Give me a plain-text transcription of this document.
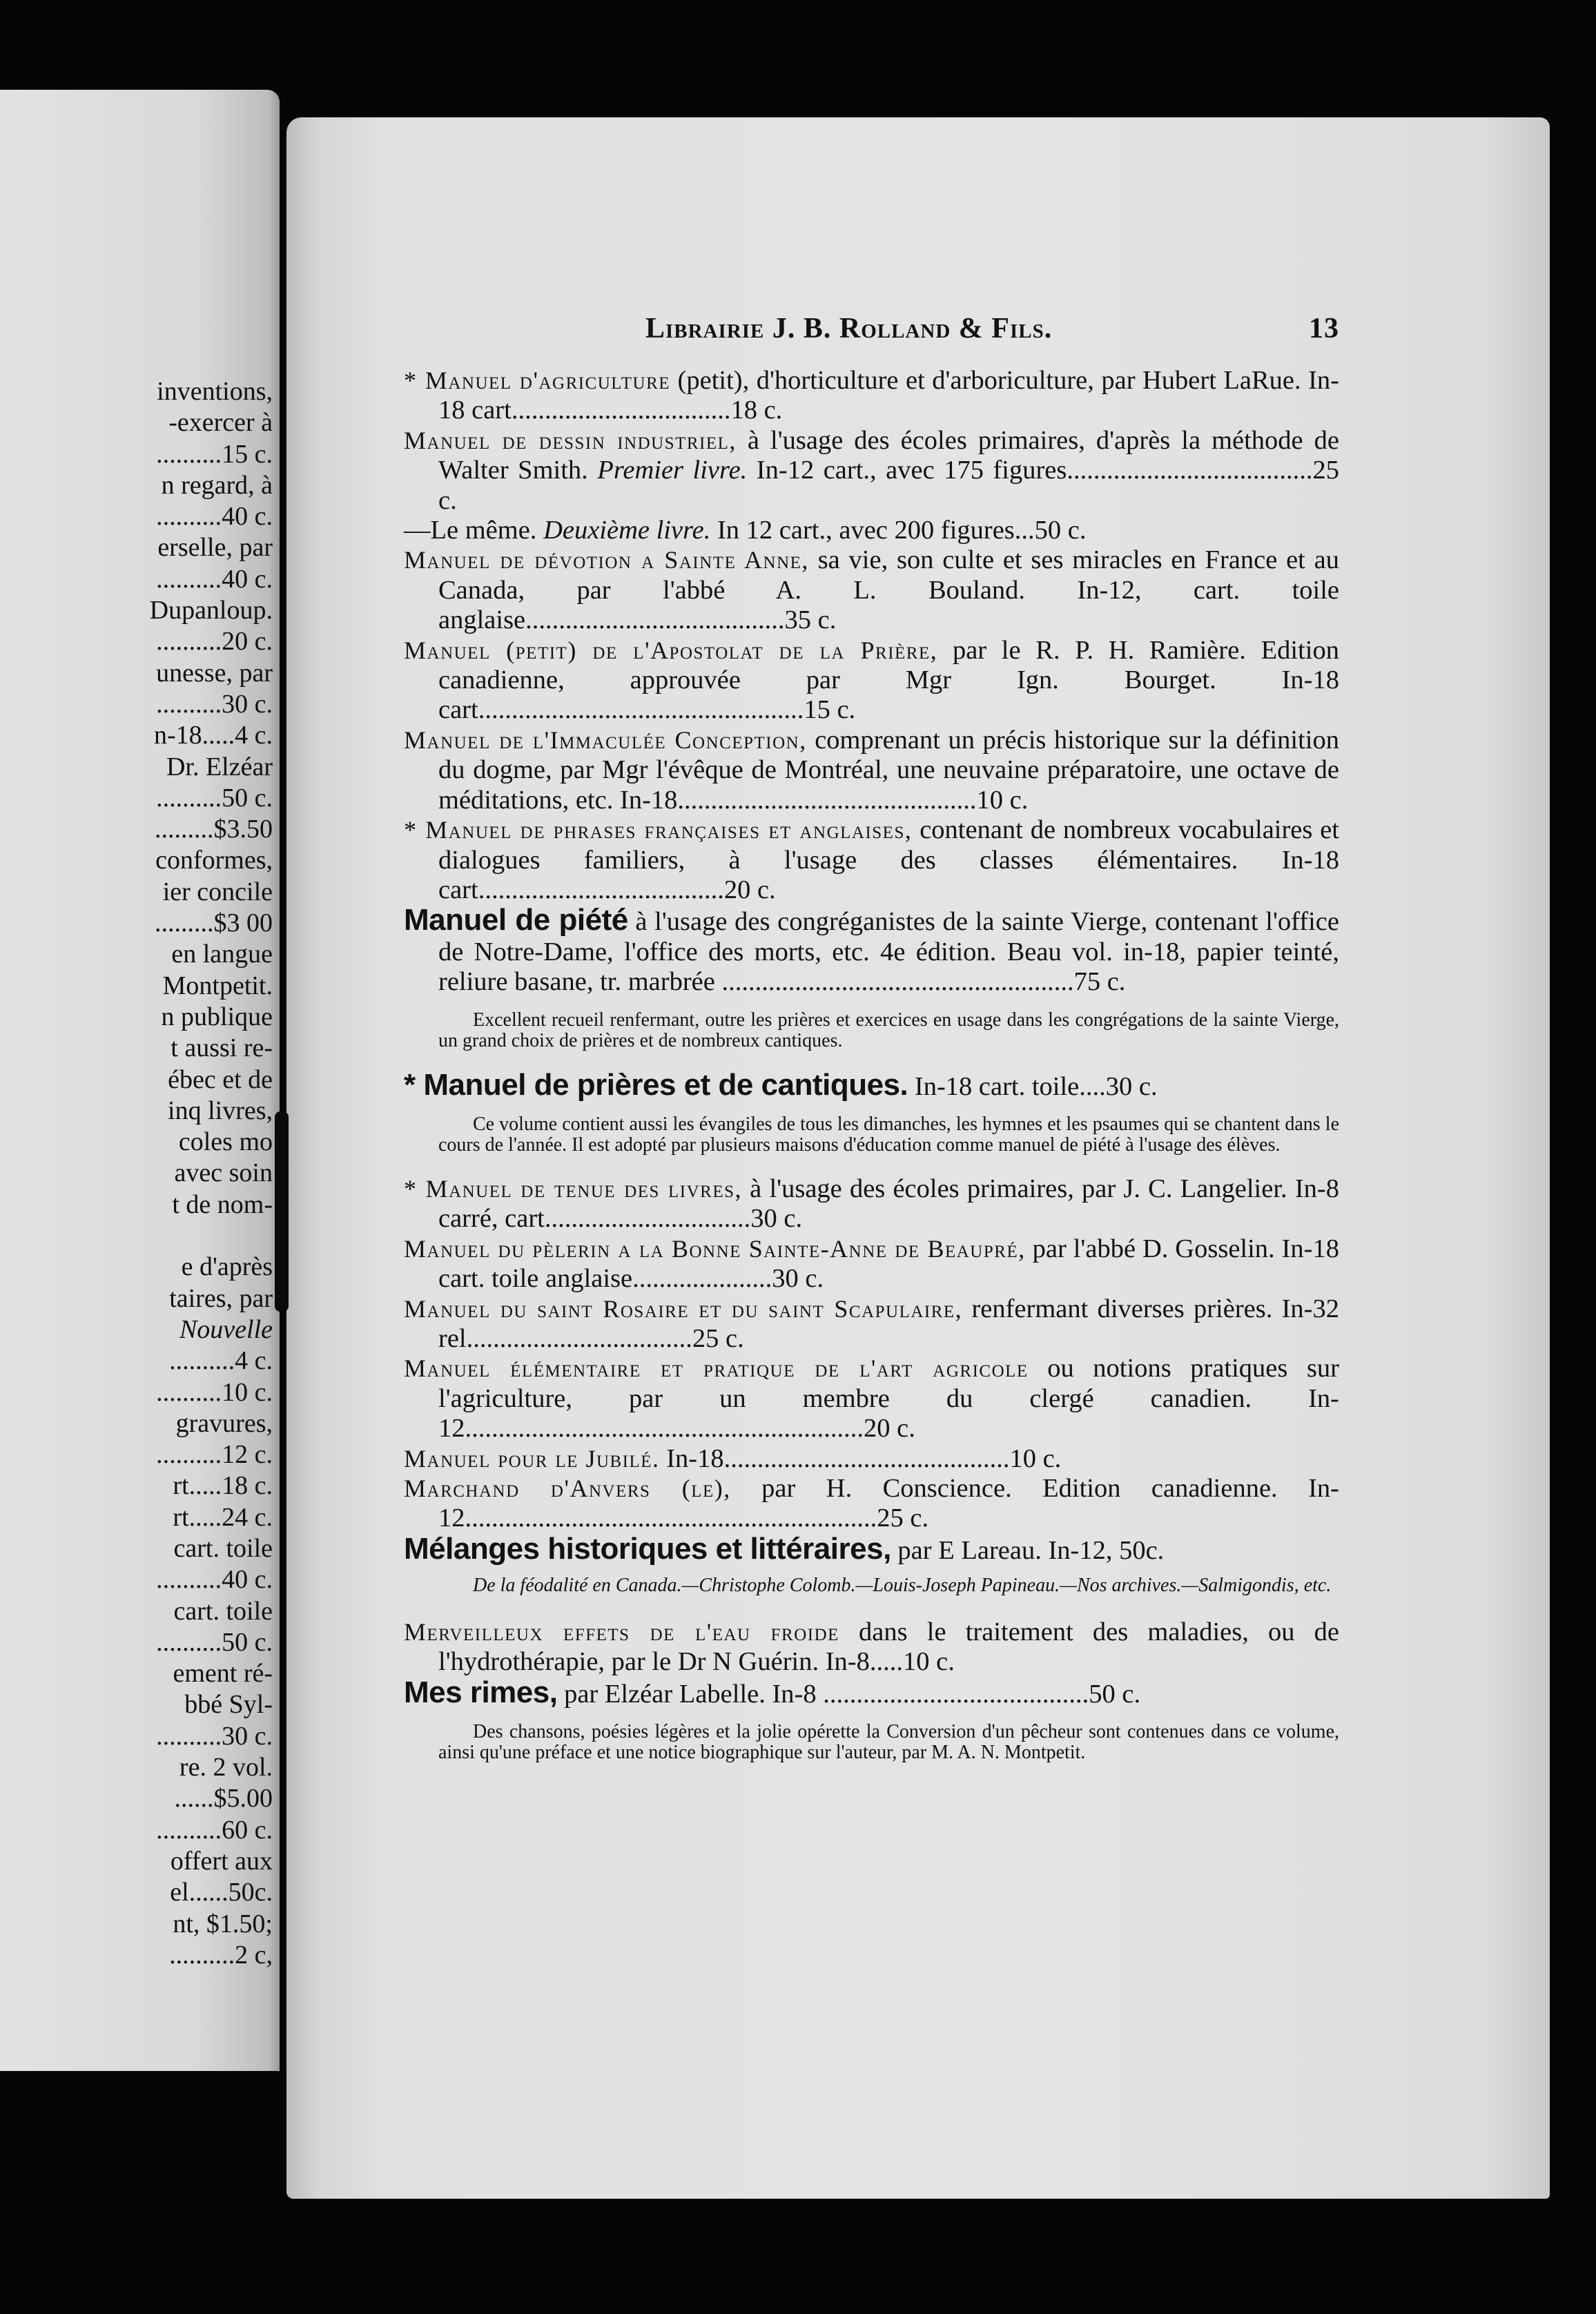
inventions,
-exercer à
..........15 c.
n regard, à
..........40 c.
erselle, par
..........40 c.
Dupanloup.
..........20 c.
unesse, par
..........30 c.
n-18.....4 c.
Dr. Elzéar
..........50 c.
.........$3.50
conformes,
ier concile
.........$3 00
en langue
Montpetit.
n publique
t aussi re-
ébec et de
inq livres,
coles mo
avec soin
t de nom-

e d'après
taires, par
Nouvelle
..........4 c.
..........10 c.
gravures,
..........12 c.
rt.....18 c.
rt.....24 c.
cart. toile
..........40 c.
cart. toile
..........50 c.
ement ré-
bbé Syl-
..........30 c.
re. 2 vol.
......$5.00
..........60 c.
offert aux
el......50c.
nt, $1.50;
..........2 c,
Librairie J. B. Rolland & Fils.	13

* Manuel d'agriculture (petit), d'horticulture et d'arboriculture, par Hubert LaRue. In-18 cart.................................18 c.

Manuel de dessin industriel, à l'usage des écoles primaires, d'après la méthode de Walter Smith. Premier livre. In-12 cart., avec 175 figures.....................................25 c.

—Le même. Deuxième livre. In 12 cart., avec 200 figures...50 c.

Manuel de dévotion a Sainte Anne, sa vie, son culte et ses miracles en France et au Canada, par l'abbé A. L. Bouland. In-12, cart. toile anglaise.......................................35 c.

Manuel (petit) de l'Apostolat de la Prière, par le R. P. H. Ramière. Edition canadienne, approuvée par Mgr Ign. Bourget. In-18 cart.................................................15 c.

Manuel de l'Immaculée Conception, comprenant un précis historique sur la définition du dogme, par Mgr l'évêque de Montréal, une neuvaine préparatoire, une octave de méditations, etc. In-18.............................................10 c.

* Manuel de phrases françaises et anglaises, contenant de nombreux vocabulaires et dialogues familiers, à l'usage des classes élémentaires. In-18 cart.....................................20 c.

Manuel de piété à l'usage des congréganistes de la sainte Vierge, contenant l'office de Notre-Dame, l'office des morts, etc. 4e édition. Beau vol. in-18, papier teinté, reliure basane, tr. marbrée .....................................................75 c.

Excellent recueil renfermant, outre les prières et exercices en usage dans les congrégations de la sainte Vierge, un grand choix de prières et de nombreux cantiques.

* Manuel de prières et de cantiques. In-18 cart. toile....30 c.

Ce volume contient aussi les évangiles de tous les dimanches, les hymnes et les psaumes qui se chantent dans le cours de l'année. Il est adopté par plusieurs maisons d'éducation comme manuel de piété à l'usage des élèves.

* Manuel de tenue des livres, à l'usage des écoles primaires, par J. C. Langelier. In-8 carré, cart...............................30 c.

Manuel du pèlerin a la Bonne Sainte-Anne de Beaupré, par l'abbé D. Gosselin. In-18 cart. toile anglaise.....................30 c.

Manuel du saint Rosaire et du saint Scapulaire, renfermant diverses prières. In-32 rel..................................25 c.

Manuel élémentaire et pratique de l'art agricole ou notions pratiques sur l'agriculture, par un membre du clergé canadien. In-12............................................................20 c.

Manuel pour le Jubilé. In-18...........................................10 c.

Marchand d'Anvers (le), par H. Conscience. Edition canadienne. In-12..............................................................25 c.

Mélanges historiques et littéraires, par E Lareau. In-12, 50c.

De la féodalité en Canada.—Christophe Colomb.—Louis-Joseph Papineau.—Nos archives.—Salmigondis, etc.

Merveilleux effets de l'eau froide dans le traitement des maladies, ou de l'hydrothérapie, par le Dr N Guérin. In-8.....10 c.

Mes rimes, par Elzéar Labelle. In-8 ........................................50 c.

Des chansons, poésies légères et la jolie opérette la Conversion d'un pêcheur sont contenues dans ce volume, ainsi qu'une préface et une notice biographique sur l'auteur, par M. A. N. Montpetit.
